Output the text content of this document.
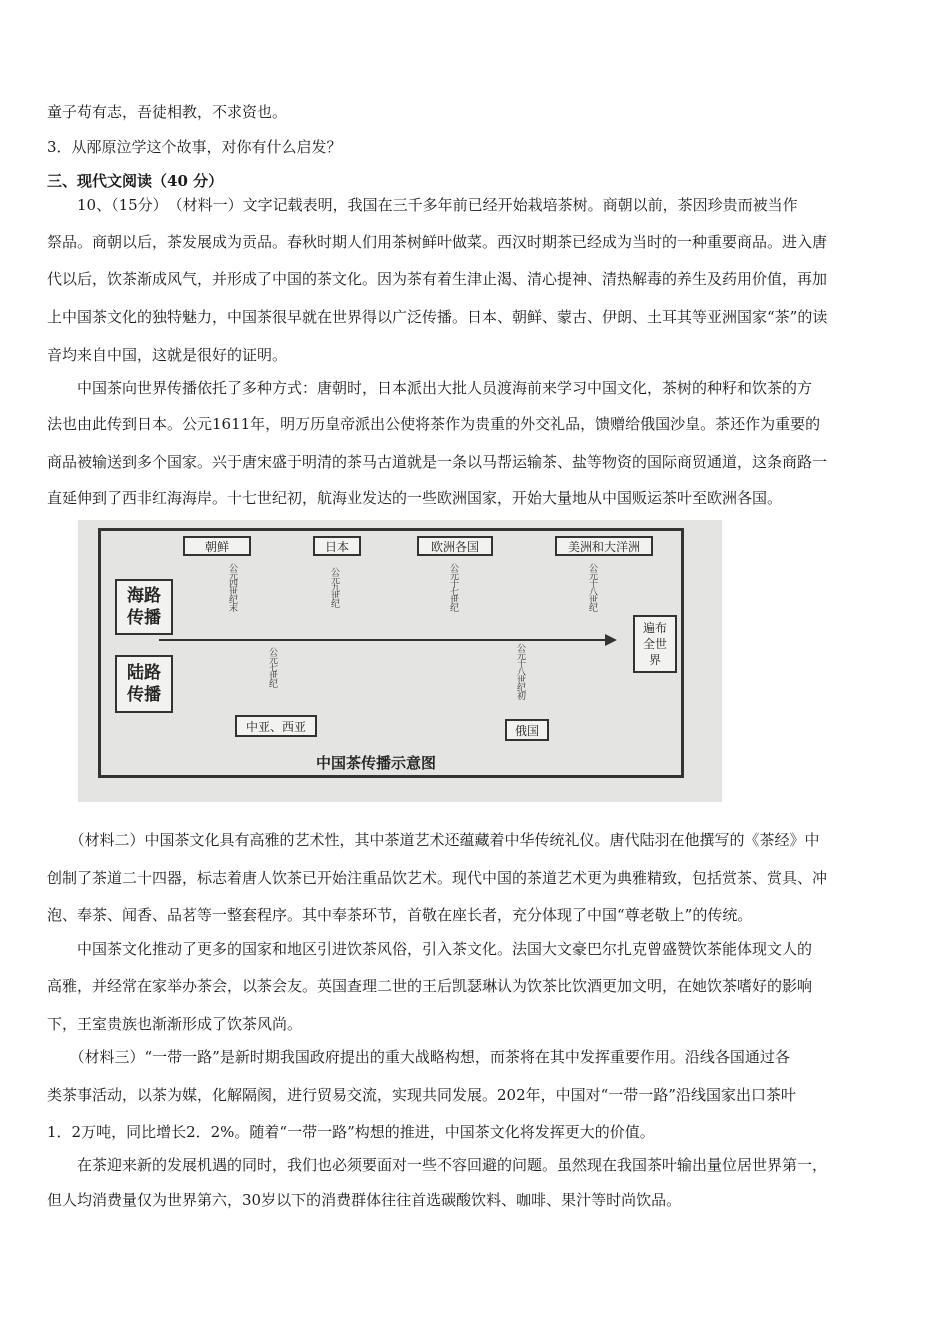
童子苟有志，吾徒相教，不求资也。
3．从邴原泣学这个故事，对你有什么启发？
三、现代文阅读（40 分）
　　10、（15分）　（材料一）文字记载表明，我国在三千多年前已经开始栽培茶树。商朝以前，茶因珍贵而被当作
祭品。商朝以后，茶发展成为贡品。春秋时期人们用茶树鲜叶做菜。西汉时期茶已经成为当时的一种重要商品。进入唐
代以后，饮茶渐成风气，并形成了中国的茶文化。因为茶有着生津止渴、清心提神、清热解毒的养生及药用价值，再加
上中国茶文化的独特魅力，中国茶很早就在世界得以广泛传播。日本、朝鲜、蒙古、伊朗、土耳其等亚洲国家“茶”的读
音均来自中国，这就是很好的证明。
　　中国茶向世界传播依托了多种方式：唐朝时，日本派出大批人员渡海前来学习中国文化，茶树的种籽和饮茶的方
法也由此传到日本。公元1611年，明万历皇帝派出公使将茶作为贵重的外交礼品，馈赠给俄国沙皇。茶还作为重要的
商品被输送到多个国家。兴于唐宋盛于明清的茶马古道就是一条以马帮运输茶、盐等物资的国际商贸通道，这条商路一
直延伸到了西非红海海岸。十七世纪初，航海业发达的一些欧洲国家，开始大量地从中国贩运茶叶至欧洲各国。
朝鲜	日本	欧洲各国	美洲和大洋洲
公元四世纪末	公元九世纪	公元十七世纪	公元十八世纪
海路
传播	遍布
全世
界
陆路
传播
公元七世纪	公元十八世纪初
中亚、西亚	俄国
中国茶传播示意图
　　（材料二）中国茶文化具有高雅的艺术性，其中茶道艺术还蕴藏着中华传统礼仪。唐代陆羽在他撰写的《茶经》中
创制了茶道二十四器，标志着唐人饮茶已开始注重品饮艺术。现代中国的茶道艺术更为典雅精致，包括赏茶、赏具、冲
泡、奉茶、闻香、品茗等一整套程序。其中奉茶环节，首敬在座长者，充分体现了中国“尊老敬上”的传统。
　　中国茶文化推动了更多的国家和地区引进饮茶风俗，引入茶文化。法国大文豪巴尔扎克曾盛赞饮茶能体现文人的
高雅，并经常在家举办茶会，以茶会友。英国查理二世的王后凯瑟琳认为饮茶比饮酒更加文明，在她饮茶嗜好的影响
下，王室贵族也渐渐形成了饮茶风尚。
　　（材料三）“一带一路”是新时期我国政府提出的重大战略构想，而茶将在其中发挥重要作用。沿线各国通过各
类茶事活动，以茶为媒，化解隔阂，进行贸易交流，实现共同发展。202年，中国对“一带一路”沿线国家出口茶叶
1．2万吨，同比增长2．2%。随着“一带一路”构想的推进，中国茶文化将发挥更大的价值。
　　在茶迎来新的发展机遇的同时，我们也必须要面对一些不容回避的问题。虽然现在我国茶叶输出量位居世界第一，
但人均消费量仅为世界第六，30岁以下的消费群体往往首选碳酸饮料、咖啡、果汁等时尚饮品。
